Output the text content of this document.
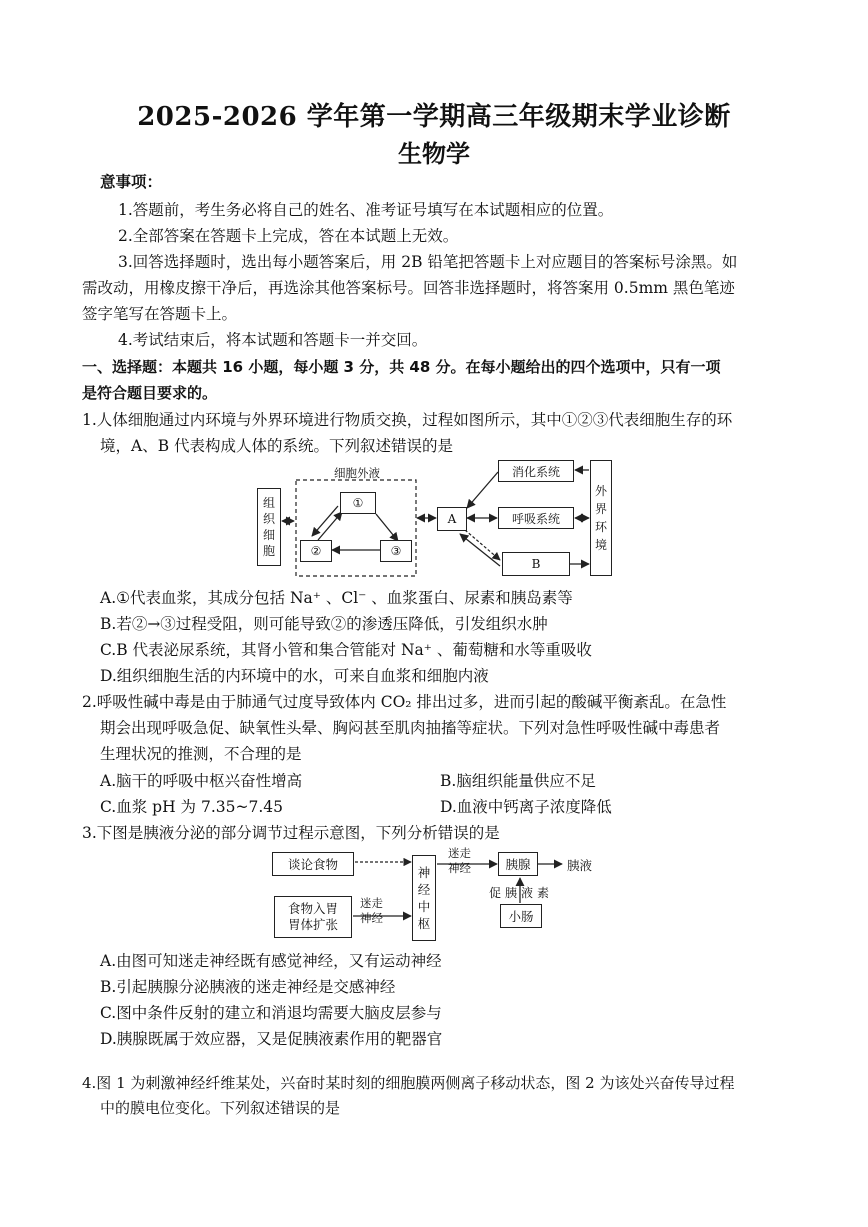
2025-2026 学年第一学期高三年级期末学业诊断
生物学
意事项：
1.答题前，考生务必将自己的姓名、准考证号填写在本试题相应的位置。
2.全部答案在答题卡上完成，答在本试题上无效。
3.回答选择题时，选出每小题答案后，用 2B 铅笔把答题卡上对应题目的答案标号涂黑。如
需改动，用橡皮擦干净后，再选涂其他答案标号。回答非选择题时，将答案用 0.5mm 黑色笔迹
签字笔写在答题卡上。
4.考试结束后，将本试题和答题卡一并交回。
一、选择题：本题共 16 小题，每小题 3 分，共 48 分。在每小题给出的四个选项中，只有一项
是符合题目要求的。
1.人体细胞通过内环境与外界环境进行物质交换，过程如图所示，其中①②③代表细胞生存的环
境，A、B 代表构成人体的系统。下列叙述错误的是
细胞外液
组
织
细
胞
①
②	③
A
消化系统
呼吸系统
B
外
界
环
境
A.①代表血浆，其成分包括 Na⁺ 、Cl⁻ 、血浆蛋白、尿素和胰岛素等
B.若②→③过程受阻，则可能导致②的渗透压降低，引发组织水肿
C.B 代表泌尿系统，其肾小管和集合管能对 Na⁺ 、葡萄糖和水等重吸收
D.组织细胞生活的内环境中的水，可来自血浆和细胞内液
2.呼吸性碱中毒是由于肺通气过度导致体内 CO₂ 排出过多，进而引起的酸碱平衡紊乱。在急性
期会出现呼吸急促、缺氧性头晕、胸闷甚至肌肉抽搐等症状。下列对急性呼吸性碱中毒患者
生理状况的推测，不合理的是
A.脑干的呼吸中枢兴奋性增高	B.脑组织能量供应不足
C.血浆 pH 为 7.35~7.45	D.血液中钙离子浓度降低
3.下图是胰液分泌的部分调节过程示意图，下列分析错误的是
谈论食物
食物入胃
胃体扩张
迷走
神经
神
经
中
枢
迷走
神经	胰腺	胰液
促胰液素
小肠
A.由图可知迷走神经既有感觉神经，又有运动神经
B.引起胰腺分泌胰液的迷走神经是交感神经
C.图中条件反射的建立和消退均需要大脑皮层参与
D.胰腺既属于效应器，又是促胰液素作用的靶器官
4.图 1 为刺激神经纤维某处，兴奋时某时刻的细胞膜两侧离子移动状态，图 2 为该处兴奋传导过程
中的膜电位变化。下列叙述错误的是
